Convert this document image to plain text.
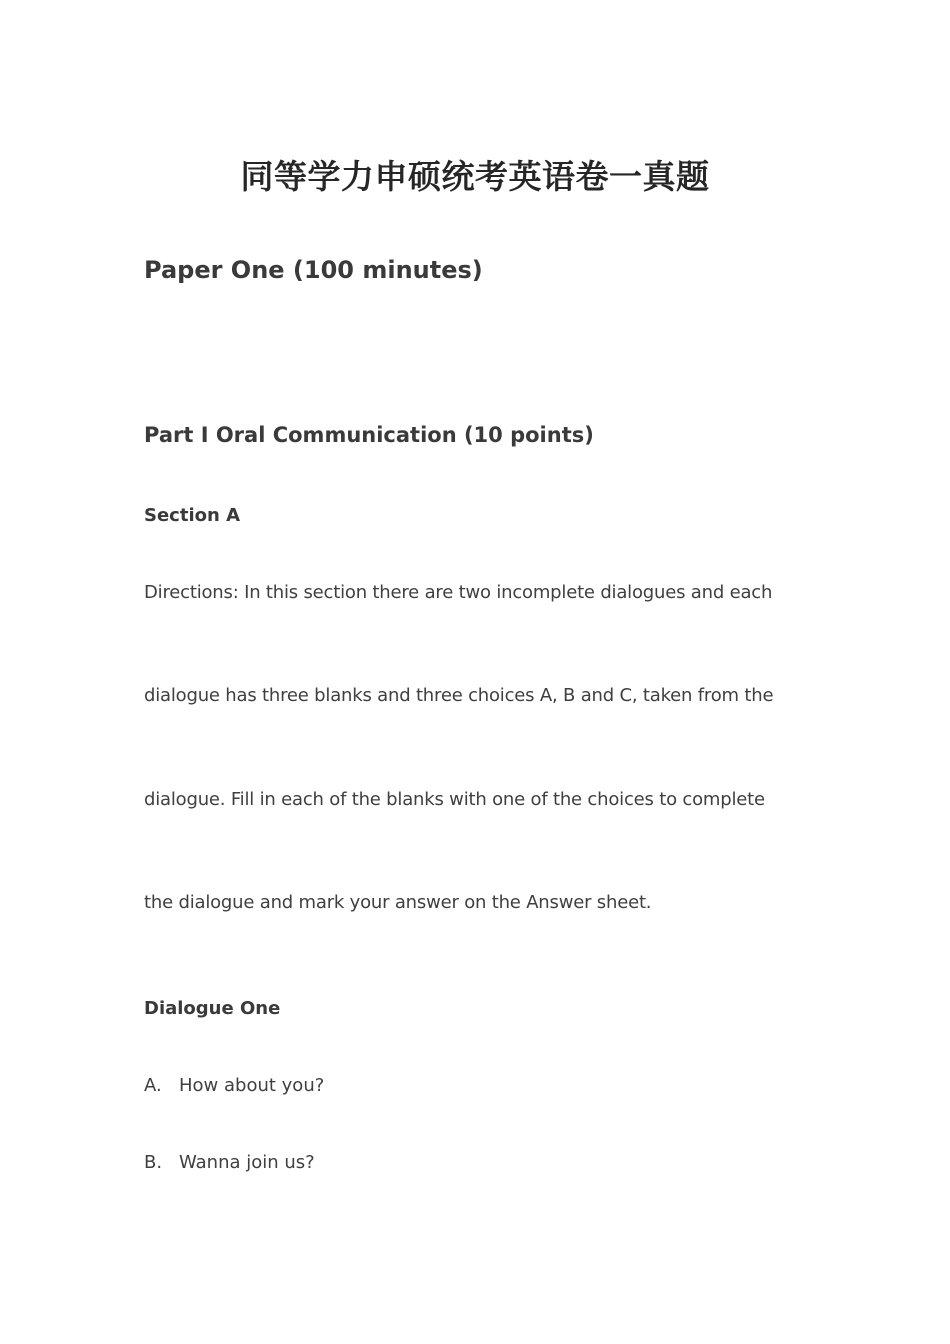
同等学力申硕统考英语卷一真题
Paper One (100 minutes)
Part I Oral Communication (10 points)
Section A

Directions: In this section there are two incomplete dialogues and each

dialogue has three blanks and three choices A, B and C, taken from the

dialogue. Fill in each of the blanks with one of the choices to complete

the dialogue and mark your answer on the Answer sheet.

Dialogue One

A. How about you?

B. Wanna join us?
